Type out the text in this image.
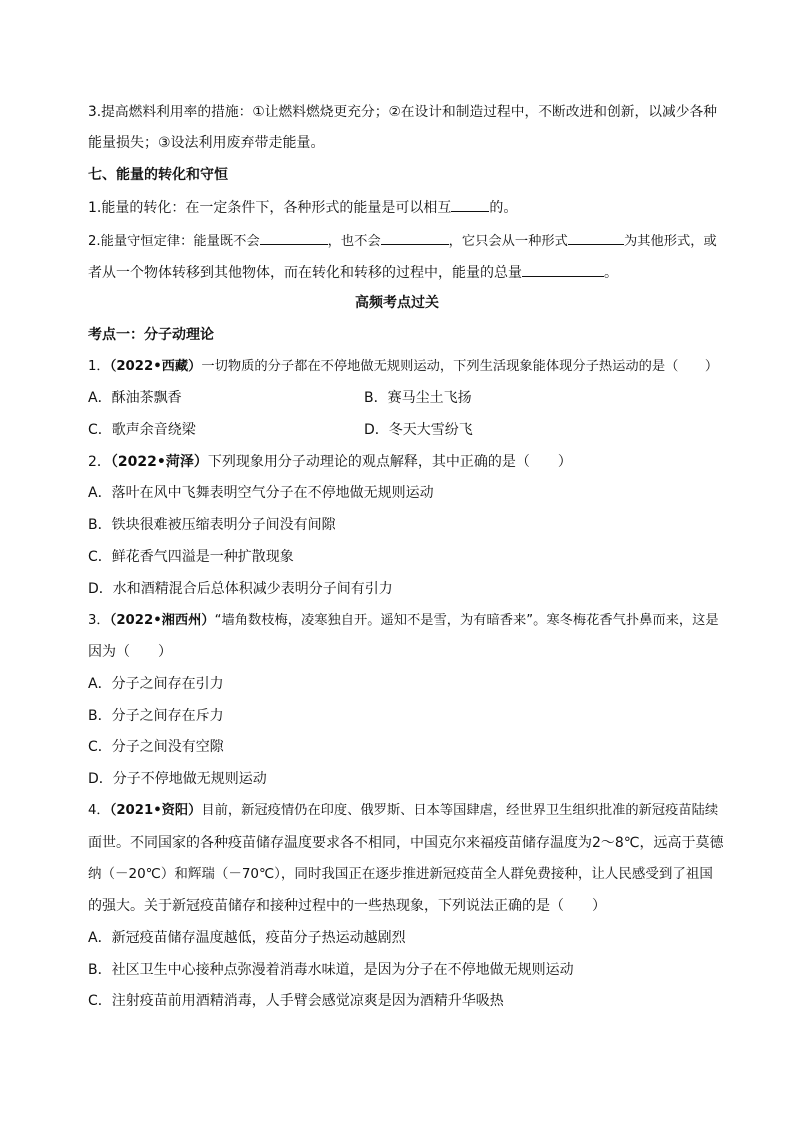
3.提高燃料利用率的措施：①让燃料燃烧更充分；②在设计和制造过程中，不断改进和创新，以减少各种
能量损失；③设法利用废弃带走能量。
七、能量的转化和守恒
1.能量的转化：在一定条件下，各种形式的能量是可以相互	的。
2.能量守恒定律：能量既不会	，也不会	，它只会从一种形式	为其他形式，或
者从一个物体转移到其他物体，而在转化和转移的过程中，能量的总量	。
高频考点过关
考点一：分子动理论
1．（2022•西藏）一切物质的分子都在不停地做无规则运动，下列生活现象能体现分子热运动的是（　　）
A．酥油茶飘香	B．赛马尘土飞扬
C．歌声余音绕梁	D．冬天大雪纷飞
2．（2022•菏泽）下列现象用分子动理论的观点解释，其中正确的是（　　）
A．落叶在风中飞舞表明空气分子在不停地做无规则运动
B．铁块很难被压缩表明分子间没有间隙
C．鲜花香气四溢是一种扩散现象
D．水和酒精混合后总体积减少表明分子间有引力
3．（2022•湘西州）“墙角数枝梅，凌寒独自开。遥知不是雪，为有暗香来”。寒冬梅花香气扑鼻而来，这是
因为（　　）
A．分子之间存在引力
B．分子之间存在斥力
C．分子之间没有空隙
D．分子不停地做无规则运动
4．（2021•资阳）目前，新冠疫情仍在印度、俄罗斯、日本等国肆虐，经世界卫生组织批准的新冠疫苗陆续
面世。不同国家的各种疫苗储存温度要求各不相同，中国克尔来福疫苗储存温度为2～8℃，远高于莫德
纳（－20℃）和辉瑞（－70℃），同时我国正在逐步推进新冠疫苗全人群免费接种，让人民感受到了祖国
的强大。关于新冠疫苗储存和接种过程中的一些热现象，下列说法正确的是（　　）
A．新冠疫苗储存温度越低，疫苗分子热运动越剧烈
B．社区卫生中心接种点弥漫着消毒水味道，是因为分子在不停地做无规则运动
C．注射疫苗前用酒精消毒，人手臂会感觉凉爽是因为酒精升华吸热
